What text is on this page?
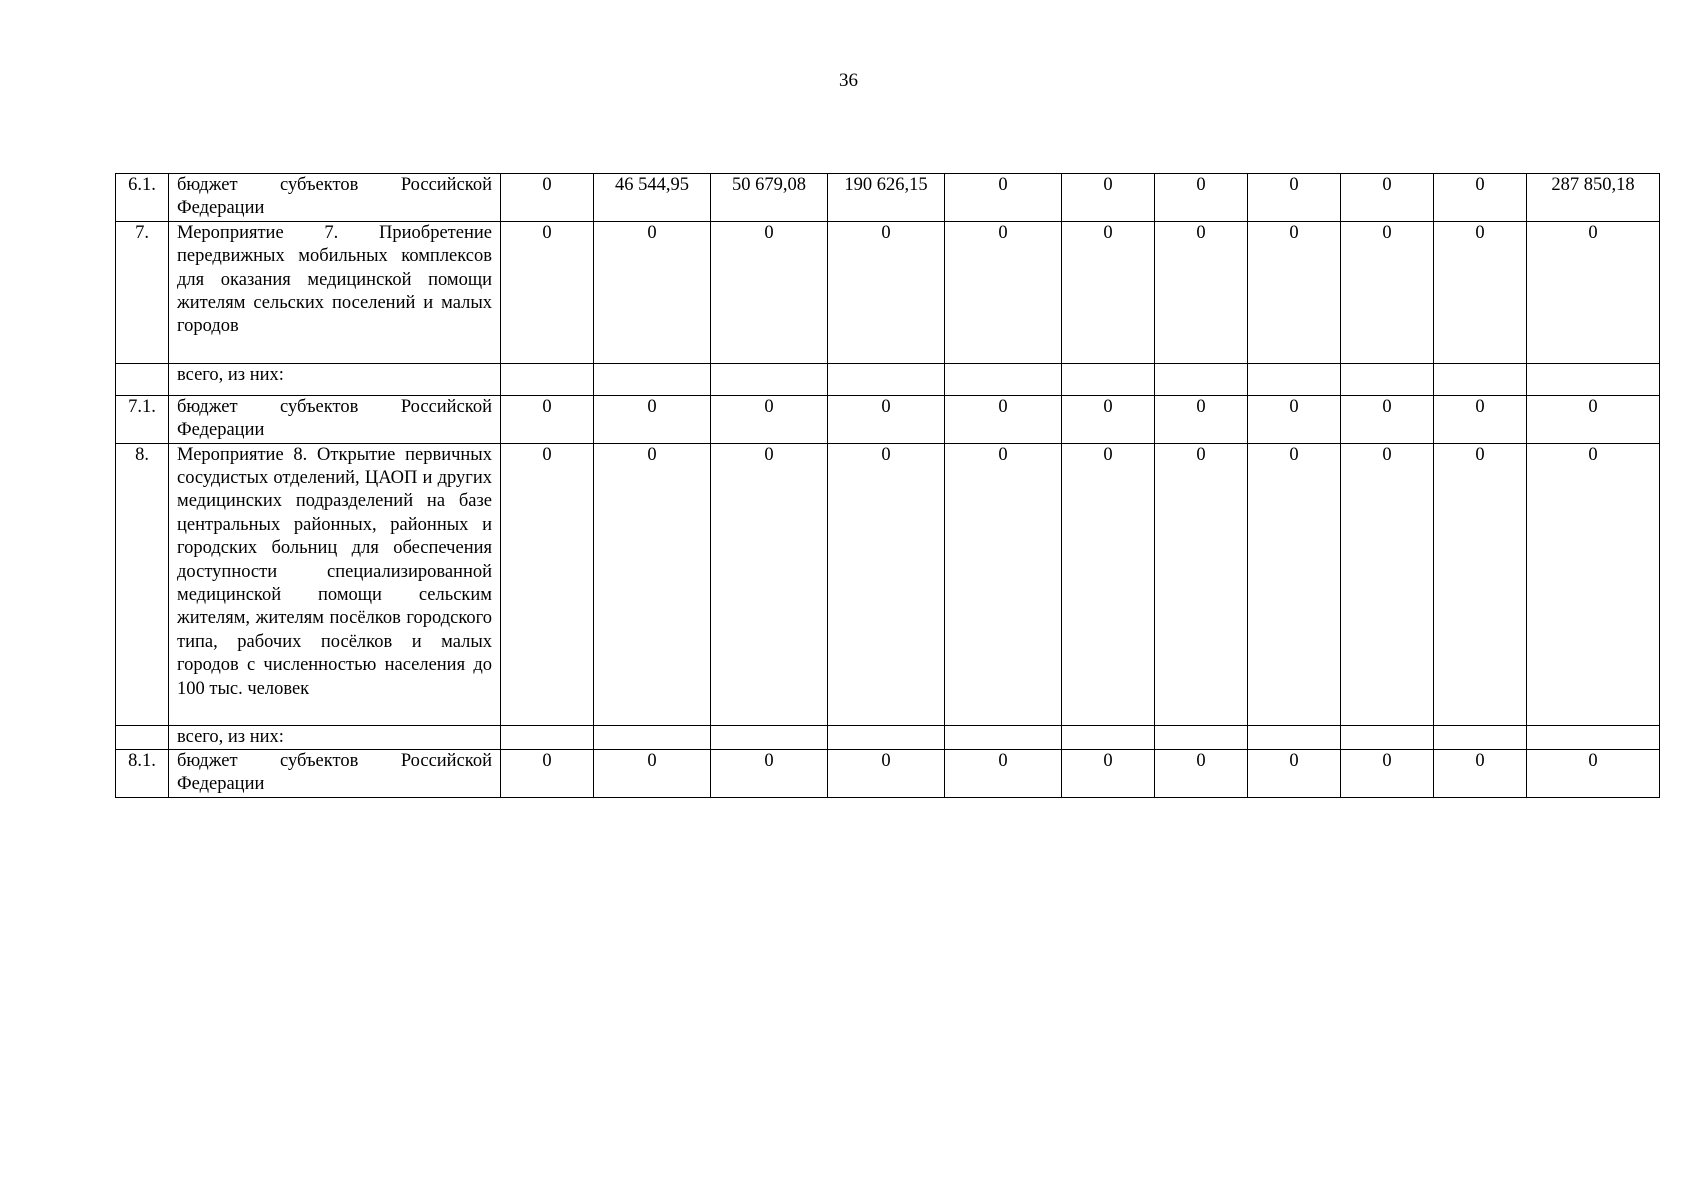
36
6.1.	бюджет субъектов Российской Федерации	0	46 544,95	50 679,08	190 626,15	0	0	0	0	0	0	287 850,18
7.	Мероприятие 7. Приобретение передвижных мобильных комплексов для оказания медицинской помощи жителям сельских поселений и малых городов	0	0	0	0	0	0	0	0	0	0	0
	всего, из них:											
7.1.	бюджет субъектов Российской Федерации	0	0	0	0	0	0	0	0	0	0	0
8.	Мероприятие 8. Открытие первичных сосудистых отделений, ЦАОП и других медицинских подразделений на базе центральных районных, районных и городских больниц для обеспечения доступности специализированной медицинской помощи сельским жителям, жителям посёлков городского типа, рабочих посёлков и малых городов с численностью населения до 100 тыс. человек	0	0	0	0	0	0	0	0	0	0	0
	всего, из них:											
8.1.	бюджет субъектов Российской Федерации	0	0	0	0	0	0	0	0	0	0	0
